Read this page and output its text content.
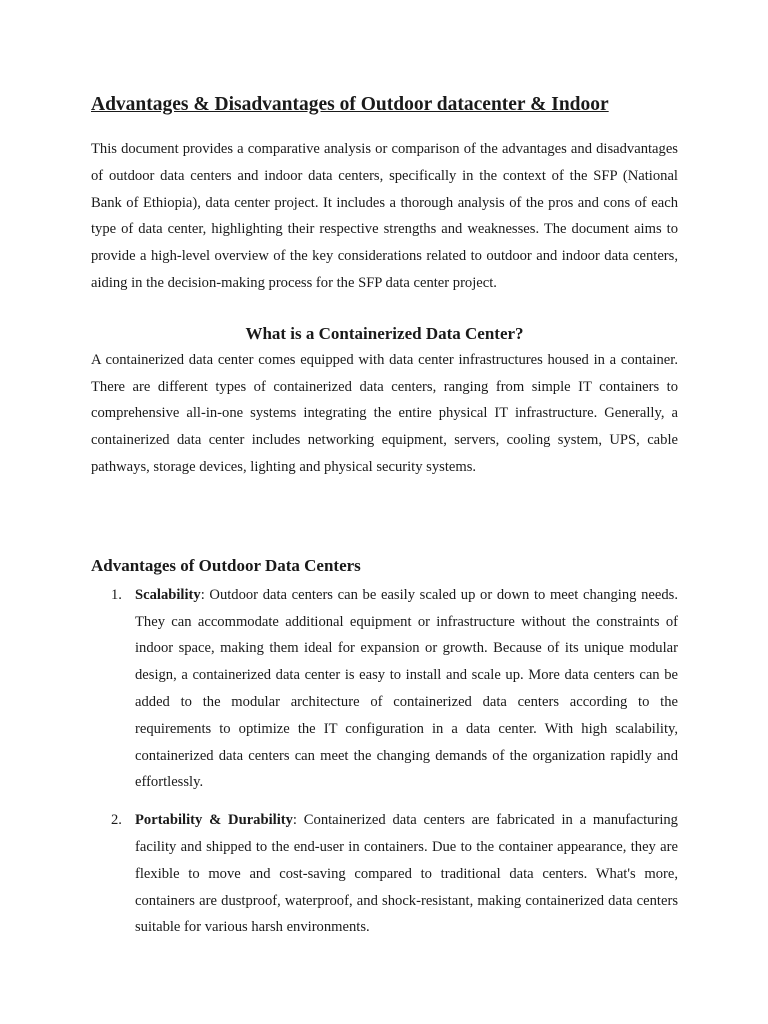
Advantages & Disadvantages of Outdoor datacenter & Indoor

This document provides a comparative analysis or comparison of the advantages and disadvantages of outdoor data centers and indoor data centers, specifically in the context of the SFP (National Bank of Ethiopia), data center project. It includes a thorough analysis of the pros and cons of each type of data center, highlighting their respective strengths and weaknesses. The document aims to provide a high-level overview of the key considerations related to outdoor and indoor data centers, aiding in the decision-making process for the SFP data center project.

What is a Containerized Data Center?

A containerized data center comes equipped with data center infrastructures housed in a container. There are different types of containerized data centers, ranging from simple IT containers to comprehensive all-in-one systems integrating the entire physical IT infrastructure. Generally, a containerized data center includes networking equipment, servers, cooling system, UPS, cable pathways, storage devices, lighting and physical security systems.

Advantages of Outdoor Data Centers
1. Scalability: Outdoor data centers can be easily scaled up or down to meet changing needs. They can accommodate additional equipment or infrastructure without the constraints of indoor space, making them ideal for expansion or growth. Because of its unique modular design, a containerized data center is easy to install and scale up. More data centers can be added to the modular architecture of containerized data centers according to the requirements to optimize the IT configuration in a data center. With high scalability, containerized data centers can meet the changing demands of the organization rapidly and effortlessly.
2. Portability & Durability: Containerized data centers are fabricated in a manufacturing facility and shipped to the end-user in containers. Due to the container appearance, they are flexible to move and cost-saving compared to traditional data centers. What's more, containers are dustproof, waterproof, and shock-resistant, making containerized data centers suitable for various harsh environments.
